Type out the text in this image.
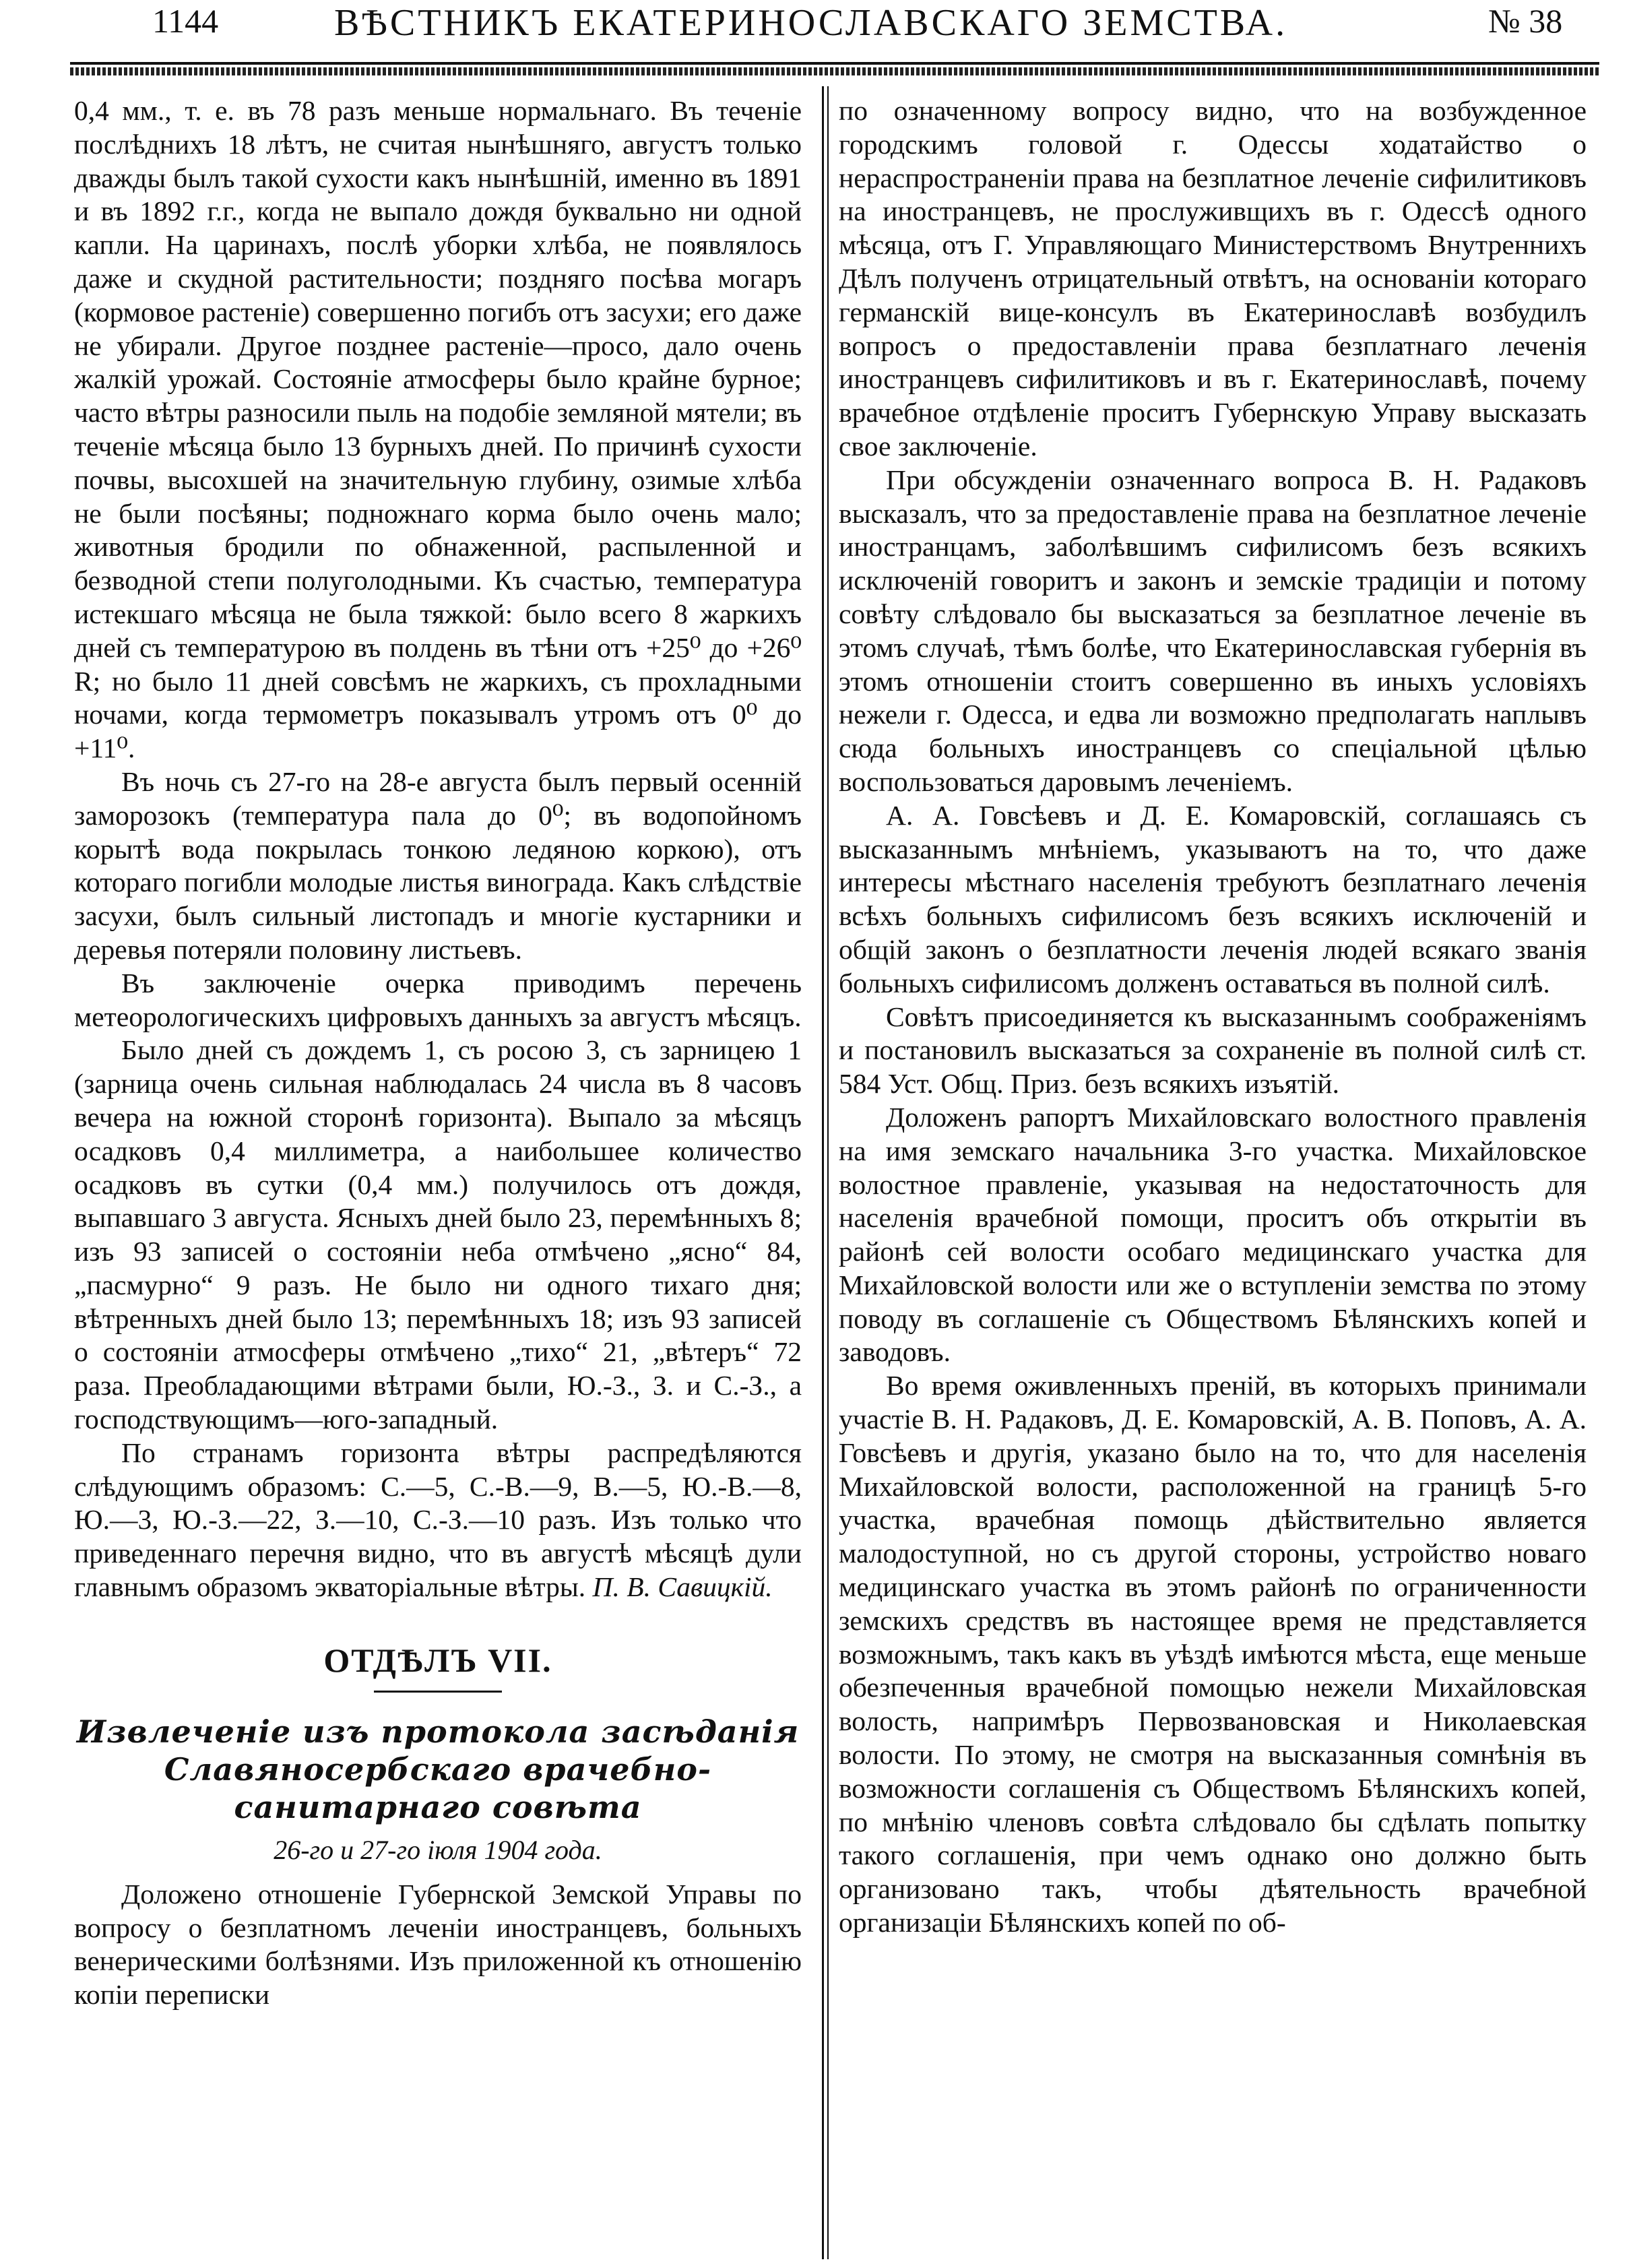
1144	ВѢСТНИКЪ ЕКАТЕРИНОСЛАВСКАГО ЗЕМСТВА.	№ 38

0,4 мм., т. е. въ 78 разъ меньше нормальнаго. Въ теченіе послѣднихъ 18 лѣтъ, не считая нынѣшняго, августъ только дважды былъ такой сухости какъ нынѣшній, именно въ 1891 и въ 1892 г.г., когда не выпало дождя буквально ни одной капли. На царинахъ, послѣ уборки хлѣба, не появлялось даже и скудной растительности; поздняго посѣва могаръ (кормовое растеніе) совершенно погибъ отъ засухи; его даже не убирали. Другое позднее растеніе—просо, дало очень жалкій урожай. Состояніе атмосферы было крайне бурное; часто вѣтры разносили пыль на подобіе земляной мятели; въ теченіе мѣсяца было 13 бурныхъ дней. По причинѣ сухости почвы, высохшей на значительную глубину, озимые хлѣба не были посѣяны; подножнаго корма было очень мало; животныя бродили по обнаженной, распыленной и безводной степи полуголодными. Къ счастью, температура истекшаго мѣсяца не была тяжкой: было всего 8 жаркихъ дней съ температурою въ полдень въ тѣни отъ +25⁰ до +26⁰ R; но было 11 дней совсѣмъ не жаркихъ, съ прохладными ночами, когда термометръ показывалъ утромъ отъ 0⁰ до +11⁰.

Въ ночь съ 27-го на 28-е августа былъ первый осенній заморозокъ (температура пала до 0⁰; въ водопойномъ корытѣ вода покрылась тонкою ледяною коркою), отъ котораго погибли молодые листья винограда. Какъ слѣдствіе засухи, былъ сильный листопадъ и многіе кустарники и деревья потеряли половину листьевъ.

Въ заключеніе очерка приводимъ перечень метеорологическихъ цифровыхъ данныхъ за августъ мѣсяцъ.

Было дней съ дождемъ 1, съ росою 3, съ зарницею 1 (зарница очень сильная наблюдалась 24 числа въ 8 часовъ вечера на южной сторонѣ горизонта). Выпало за мѣсяцъ осадковъ 0,4 миллиметра, а наибольшее количество осадковъ въ сутки (0,4 мм.) получилось отъ дождя, выпавшаго 3 августа. Ясныхъ дней было 23, перемѣнныхъ 8; изъ 93 записей о состояніи неба отмѣчено „ясно“ 84, „пасмурно“ 9 разъ. Не было ни одного тихаго дня; вѣтренныхъ дней было 13; перемѣнныхъ 18; изъ 93 записей о состояніи атмосферы отмѣчено „тихо“ 21, „вѣтеръ“ 72 раза. Преобладающими вѣтрами были, Ю.-З., З. и С.-З., а господствующимъ—юго-западный.

По странамъ горизонта вѣтры распредѣляются слѣдующимъ образомъ: С.—5, С.-В.—9, В.—5, Ю.-В.—8, Ю.—3, Ю.-З.—22, З.—10, С.-З.—10 разъ. Изъ только что приведеннаго перечня видно, что въ августѣ мѣсяцѣ дули главнымъ образомъ экваторіальные вѣтры. П. В. Савицкій.

ОТДѢЛЪ VII.
Извлеченіе изъ протокола засѣданія Славяносербскаго врачебно-санитарнаго совѣта
26-го и 27-го іюля 1904 года.

Доложено отношеніе Губернской Земской Управы по вопросу о безплатномъ леченіи иностранцевъ, больныхъ венерическими болѣзнями. Изъ приложенной къ отношенію копіи переписки

по означенному вопросу видно, что на возбужденное городскимъ головой г. Одессы ходатайство о нераспространеніи права на безплатное леченіе сифилитиковъ на иностранцевъ, не прослуживщихъ въ г. Одессѣ одного мѣсяца, отъ Г. Управляющаго Министерствомъ Внутреннихъ Дѣлъ полученъ отрицательный отвѣтъ, на основаніи котораго германскій вице-консулъ въ Екатеринославѣ возбудилъ вопросъ о предоставленіи права безплатнаго леченія иностранцевъ сифилитиковъ и въ г. Екатеринославѣ, почему врачебное отдѣленіе проситъ Губернскую Управу высказать свое заключеніе.

При обсужденіи означеннаго вопроса В. Н. Радаковъ высказалъ, что за предоставленіе права на безплатное леченіе иностранцамъ, заболѣвшимъ сифилисомъ безъ всякихъ исключеній говоритъ и законъ и земскіе традиціи и потому совѣту слѣдовало бы высказаться за безплатное леченіе въ этомъ случаѣ, тѣмъ болѣе, что Екатеринославская губернія въ этомъ отношеніи стоитъ совершенно въ иныхъ условіяхъ нежели г. Одесса, и едва ли возможно предполагать наплывъ сюда больныхъ иностранцевъ со спеціальной цѣлью воспользоваться даровымъ леченіемъ.

А. А. Говсѣевъ и Д. Е. Комаровскій, соглашаясь съ высказаннымъ мнѣніемъ, указываютъ на то, что даже интересы мѣстнаго населенія требуютъ безплатнаго леченія всѣхъ больныхъ сифилисомъ безъ всякихъ исключеній и общій законъ о безплатности леченія людей всякаго званія больныхъ сифилисомъ долженъ оставаться въ полной силѣ.

Совѣтъ присоединяется къ высказаннымъ соображеніямъ и постановилъ высказаться за сохраненіе въ полной силѣ ст. 584 Уст. Общ. Приз. безъ всякихъ изъятій.

Доложенъ рапортъ Михайловскаго волостного правленія на имя земскаго начальника 3-го участка. Михайловское волостное правленіе, указывая на недостаточность для населенія врачебной помощи, проситъ объ открытіи въ районѣ сей волости особаго медицинскаго участка для Михайловской волости или же о вступленіи земства по этому поводу въ соглашеніе съ Обществомъ Бѣлянскихъ копей и заводовъ.

Во время оживленныхъ преній, въ которыхъ принимали участіе В. Н. Радаковъ, Д. Е. Комаровскій, А. В. Поповъ, А. А. Говсѣевъ и другія, указано было на то, что для населенія Михайловской волости, расположенной на границѣ 5-го участка, врачебная помощь дѣйствительно является малодоступной, но съ другой стороны, устройство новаго медицинскаго участка въ этомъ районѣ по ограниченности земскихъ средствъ въ настоящее время не представляется возможнымъ, такъ какъ въ уѣздѣ имѣются мѣста, еще меньше обезпеченныя врачебной помощью нежели Михайловская волость, напримѣръ Первозвановская и Николаевская волости. По этому, не смотря на высказанныя сомнѣнія въ возможности соглашенія съ Обществомъ Бѣлянскихъ копей, по мнѣнію членовъ совѣта слѣдовало бы сдѣлать попытку такого соглашенія, при чемъ однако оно должно быть организовано такъ, чтобы дѣятельность врачебной организаціи Бѣлянскихъ копей по об-
